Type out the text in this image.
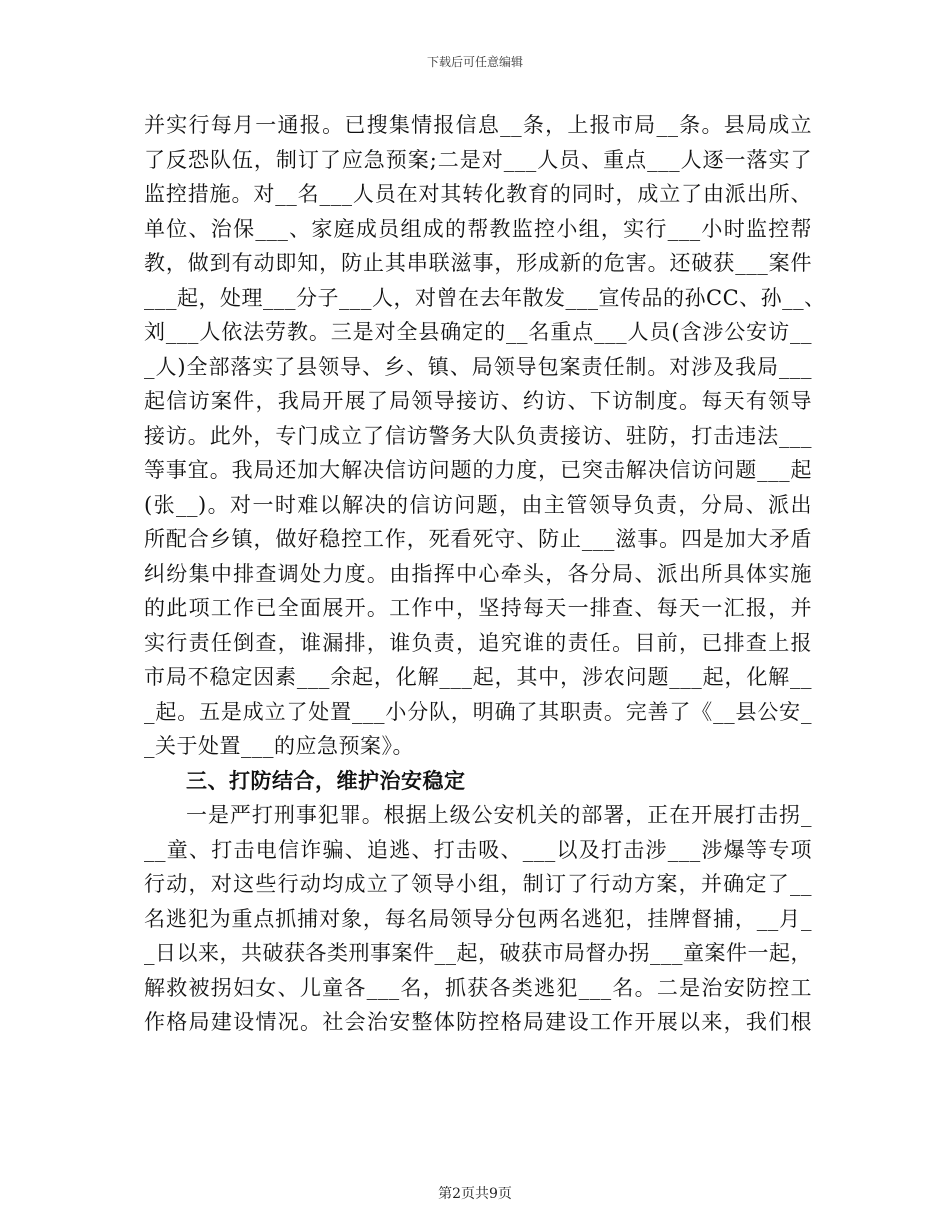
下载后可任意编辑
并实行每月一通报。已搜集情报信息__条，上报市局__条。县局成立
了反恐队伍，制订了应急预案;二是对___人员、重点___人逐一落实了
监控措施。对__名___人员在对其转化教育的同时，成立了由派出所、
单位、治保___、家庭成员组成的帮教监控小组，实行___小时监控帮
教，做到有动即知，防止其串联滋事，形成新的危害。还破获___案件
___起，处理___分子___人，对曾在去年散发___宣传品的孙CC、孙__、
刘___人依法劳教。三是对全县确定的__名重点___人员(含涉公安访__
_人)全部落实了县领导、乡、镇、局领导包案责任制。对涉及我局___
起信访案件，我局开展了局领导接访、约访、下访制度。每天有领导
接访。此外，专门成立了信访警务大队负责接访、驻防，打击违法___
等事宜。我局还加大解决信访问题的力度，已突击解决信访问题___起
(张__)。对一时难以解决的信访问题，由主管领导负责，分局、派出
所配合乡镇，做好稳控工作，死看死守、防止___滋事。四是加大矛盾
纠纷集中排查调处力度。由指挥中心牵头，各分局、派出所具体实施
的此项工作已全面展开。工作中，坚持每天一排查、每天一汇报，并
实行责任倒查，谁漏排，谁负责，追究谁的责任。目前，已排查上报
市局不稳定因素___余起，化解___起，其中，涉农问题___起，化解__
_起。五是成立了处置___小分队，明确了其职责。完善了《__县公安_
_关于处置___的应急预案》。
三、打防结合，维护治安稳定
一是严打刑事犯罪。根据上级公安机关的部署，正在开展打击拐_
__童、打击电信诈骗、追逃、打击吸、___以及打击涉___涉爆等专项
行动，对这些行动均成立了领导小组，制订了行动方案，并确定了__
名逃犯为重点抓捕对象，每名局领导分包两名逃犯，挂牌督捕，__月_
_日以来，共破获各类刑事案件__起，破获市局督办拐___童案件一起，
解救被拐妇女、儿童各___名，抓获各类逃犯___名。二是治安防控工
作格局建设情况。社会治安整体防控格局建设工作开展以来，我们根
第2页共9页
